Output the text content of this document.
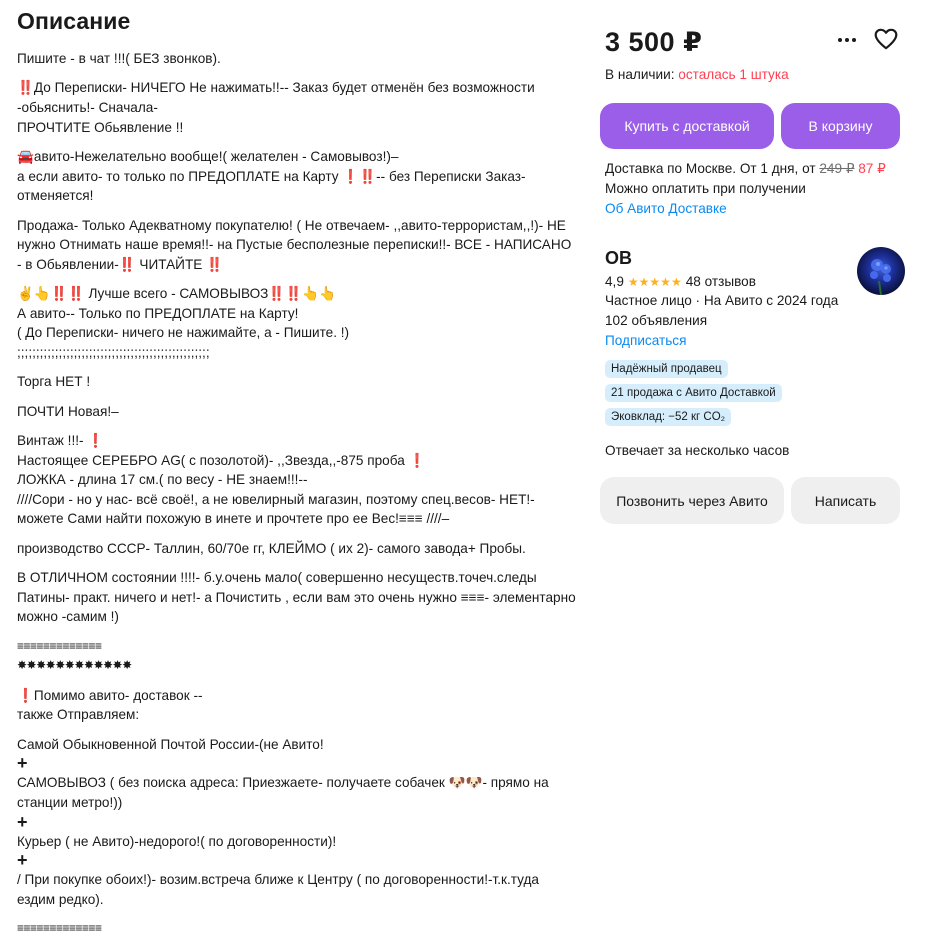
Описание

Пишите - в чат !!!( БЕЗ звонков).

‼️До Переписки- НИЧЕГО Не нажимать!!-- Заказ будет отменён без возможности -обьяснить!- Сначала-
ПРОЧТИТЕ Обьявление !!

🚘авито-Нежелательно вообще!( желателен - Самовывоз!)–
а если авито- то только по ПРЕДОПЛАТЕ на Карту ❗️‼️-- без Переписки Заказ-отменяется!

Продажа- Только Адекватному покупателю! ( Не отвечаем- ,,авито-террористам,,!)- НЕ нужно Отнимать наше время!!- на Пустые бесполезные переписки!!- ВСЕ - НАПИСАНО - в Обьявлении-‼️ ЧИТАЙТЕ ‼️

✌️👆‼️‼️ Лучше всего - САМОВЫВОЗ‼️‼️👆👆
А авито-- Только по ПРЕДОПЛАТЕ на Карту!
( До Переписки- ничего не нажимайте, а - Пишите. !)
;;;;;;;;;;;;;;;;;;;;;;;;;;;;;;;;;;;;;;;;;;;;;;;;;;;

Торга НЕТ !

ПОЧТИ Новая!–

Винтаж !!!- ❗️
Настоящее СЕРЕБРО AG( с позолотой)- ,,Звезда,,-875 проба ❗️
ЛОЖКА - длина 17 см.( по весу - НЕ знаем!!!--
////Сори - но у нас- всё своё!, а не ювелирный магазин, поэтому спец.весов- НЕТ!- можете Сами найти похожую в инете и прочтете про ее Вес!≡≡≡ ////–

производство СССР- Таллин, 60/70е гг, КЛЕЙМО ( их 2)- самого завода+ Пробы.

В ОТЛИЧНОМ состоянии !!!!- б.у.очень мало( совершенно несуществ.точеч.следы Патины- практ. ничего и нет!- а Почистить , если вам это очень нужно ≡≡≡- элементарно можно -самим !)

≡≡≡≡≡≡≡≡≡≡≡≡≡
✸✸✸✸✸✸✸✸✸✸✸✸

❗️Помимо авито- доставок --
также Отправляем:

Самой Обыкновенной Почтой России-(не Авито!

+

САМОВЫВОЗ ( без поиска адреса: Приезжаете- получаете собачек 🐶🐶- прямо на станции метро!))

+

Курьер ( не Авито)-недорого!( по договоренности)!

+

/ При покупке обоих!)- возим.встреча ближе к Центру ( по договоренности!-т.к.туда ездим редко).

≡≡≡≡≡≡≡≡≡≡≡≡≡

3 500 ₽
В наличии: осталась 1 штука
Купить с доставкой	В корзину
Доставка по Москве. От 1 дня, от 249 ₽ 87 ₽
Можно оплатить при получении
Об Авито Доставке
ОВ
4,9 ★★★★★ 48 отзывов
Частное лицо · На Авито с 2024 года
102 объявления
Подписаться
Надёжный продавец
21 продажа с Авито Доставкой
Эковклад: −52 кг CO₂
Отвечает за несколько часов
Позвонить через Авито	Написать
